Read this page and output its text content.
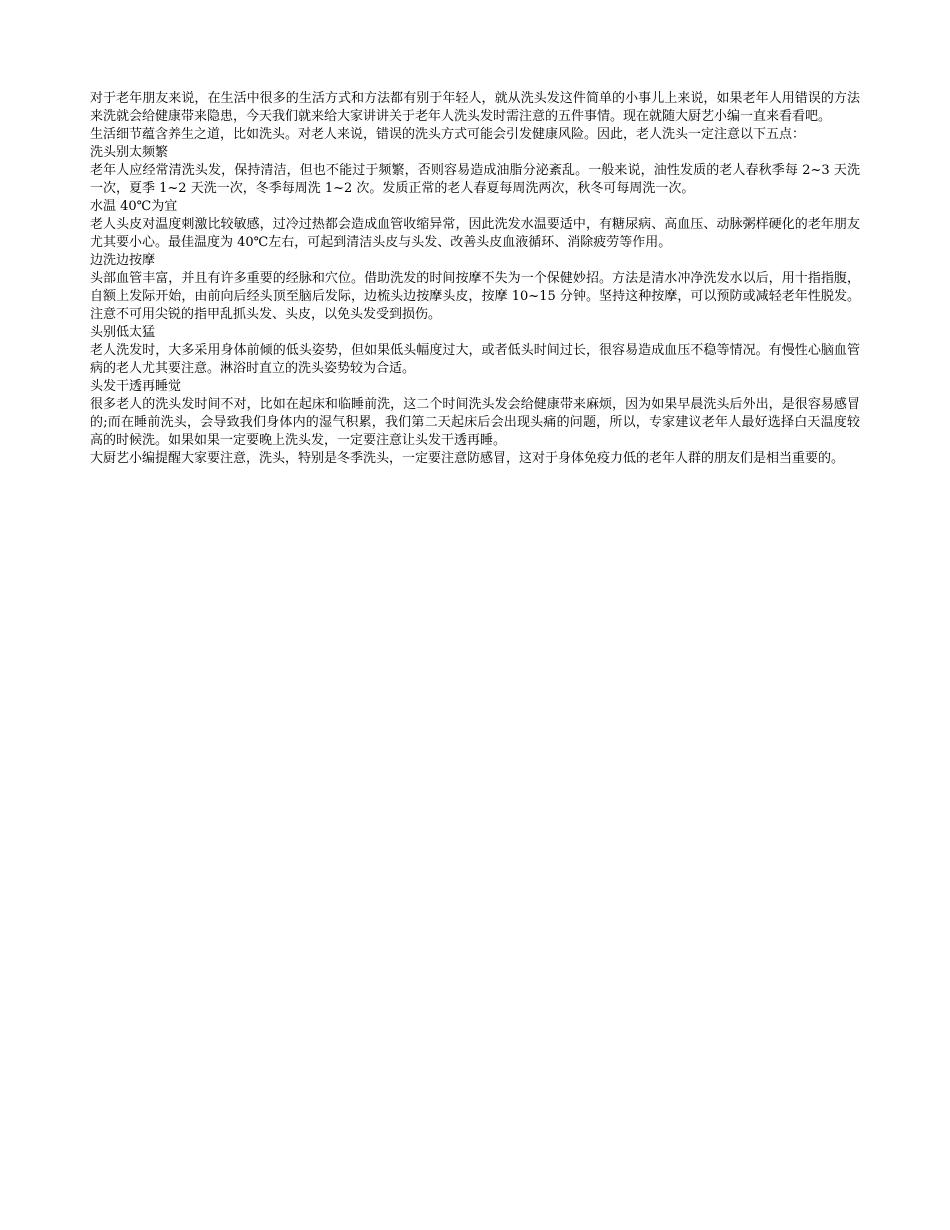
对于老年朋友来说，在生活中很多的生活方式和方法都有别于年轻人，就从洗头发这件简单的小事儿上来说，如果老年人用错误的方法来洗就会给健康带来隐患，今天我们就来给大家讲讲关于老年人洗头发时需注意的五件事情。现在就随大厨艺小编一直来看看吧。

生活细节蕴含养生之道，比如洗头。对老人来说，错误的洗头方式可能会引发健康风险。因此，老人洗头一定注意以下五点：

洗头别太频繁

老年人应经常清洗头发，保持清洁，但也不能过于频繁，否则容易造成油脂分泌紊乱。一般来说，油性发质的老人春秋季每 2~3 天洗一次，夏季 1~2 天洗一次，冬季每周洗 1~2 次。发质正常的老人春夏每周洗两次，秋冬可每周洗一次。

水温 40℃为宜

老人头皮对温度刺激比较敏感，过冷过热都会造成血管收缩异常，因此洗发水温要适中，有糖尿病、高血压、动脉粥样硬化的老年朋友尤其要小心。最佳温度为 40℃左右，可起到清洁头皮与头发、改善头皮血液循环、消除疲劳等作用。

边洗边按摩

头部血管丰富，并且有许多重要的经脉和穴位。借助洗发的时间按摩不失为一个保健妙招。方法是清水冲净洗发水以后，用十指指腹，自额上发际开始，由前向后经头顶至脑后发际，边梳头边按摩头皮，按摩 10~15 分钟。坚持这种按摩，可以预防或减轻老年性脱发。注意不可用尖锐的指甲乱抓头发、头皮，以免头发受到损伤。

头别低太猛

老人洗发时，大多采用身体前倾的低头姿势，但如果低头幅度过大，或者低头时间过长，很容易造成血压不稳等情况。有慢性心脑血管病的老人尤其要注意。淋浴时直立的洗头姿势较为合适。

头发干透再睡觉

很多老人的洗头发时间不对，比如在起床和临睡前洗，这二个时间洗头发会给健康带来麻烦，因为如果早晨洗头后外出，是很容易感冒的;而在睡前洗头，会导致我们身体内的湿气积累，我们第二天起床后会出现头痛的问题，所以，专家建议老年人最好选择白天温度较高的时候洗。如果如果一定要晚上洗头发，一定要注意让头发干透再睡。

大厨艺小编提醒大家要注意，洗头，特别是冬季洗头，一定要注意防感冒，这对于身体免疫力低的老年人群的朋友们是相当重要的。
